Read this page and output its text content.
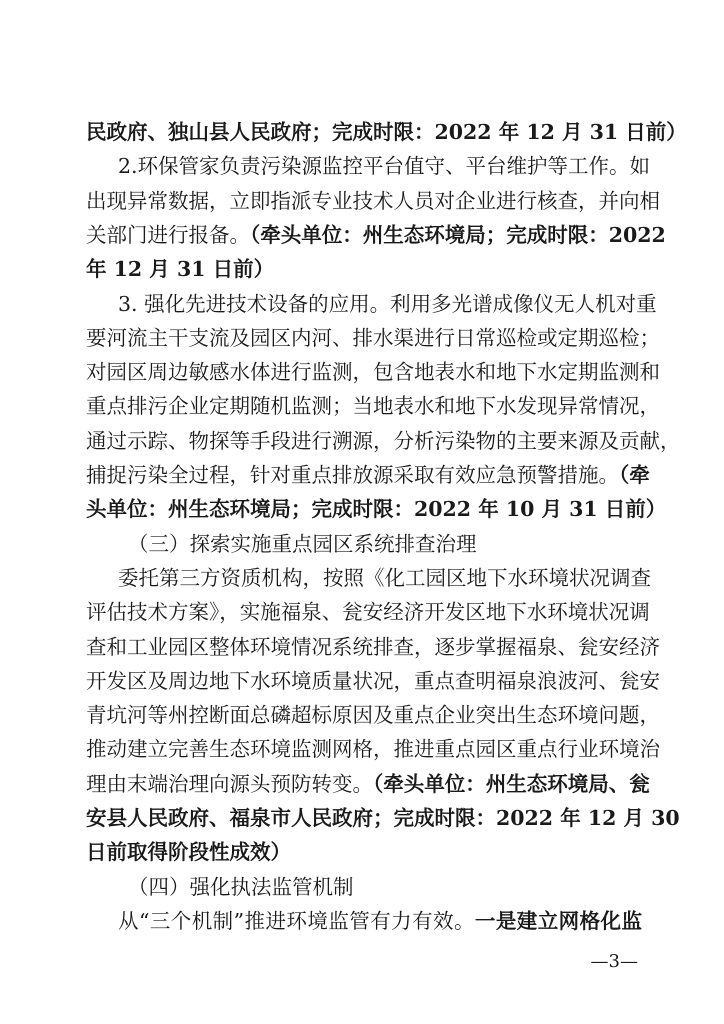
民政府、独山县人民政府；完成时限：2022 年 12 月 31 日前）
2.环保管家负责污染源监控平台值守、平台维护等工作。如
出现异常数据，立即指派专业技术人员对企业进行核查，并向相
关部门进行报备。（牵头单位：州生态环境局；完成时限：2022
年 12 月 31 日前）
3. 强化先进技术设备的应用。利用多光谱成像仪无人机对重
要河流主干支流及园区内河、排水渠进行日常巡检或定期巡检；
对园区周边敏感水体进行监测，包含地表水和地下水定期监测和
重点排污企业定期随机监测；当地表水和地下水发现异常情况，
通过示踪、物探等手段进行溯源，分析污染物的主要来源及贡献，
捕捉污染全过程，针对重点排放源采取有效应急预警措施。（牵
头单位：州生态环境局；完成时限：2022 年 10 月 31 日前）
（三）探索实施重点园区系统排查治理
委托第三方资质机构，按照《化工园区地下水环境状况调查
评估技术方案》，实施福泉、瓮安经济开发区地下水环境状况调
查和工业园区整体环境情况系统排查，逐步掌握福泉、瓮安经济
开发区及周边地下水环境质量状况，重点查明福泉浪波河、瓮安
青坑河等州控断面总磷超标原因及重点企业突出生态环境问题，
推动建立完善生态环境监测网格，推进重点园区重点行业环境治
理由末端治理向源头预防转变。（牵头单位：州生态环境局、瓮
安县人民政府、福泉市人民政府；完成时限：2022 年 12 月 30
日前取得阶段性成效）
（四）强化执法监管机制
从“三个机制”推进环境监管有力有效。一是建立网格化监
—3—
